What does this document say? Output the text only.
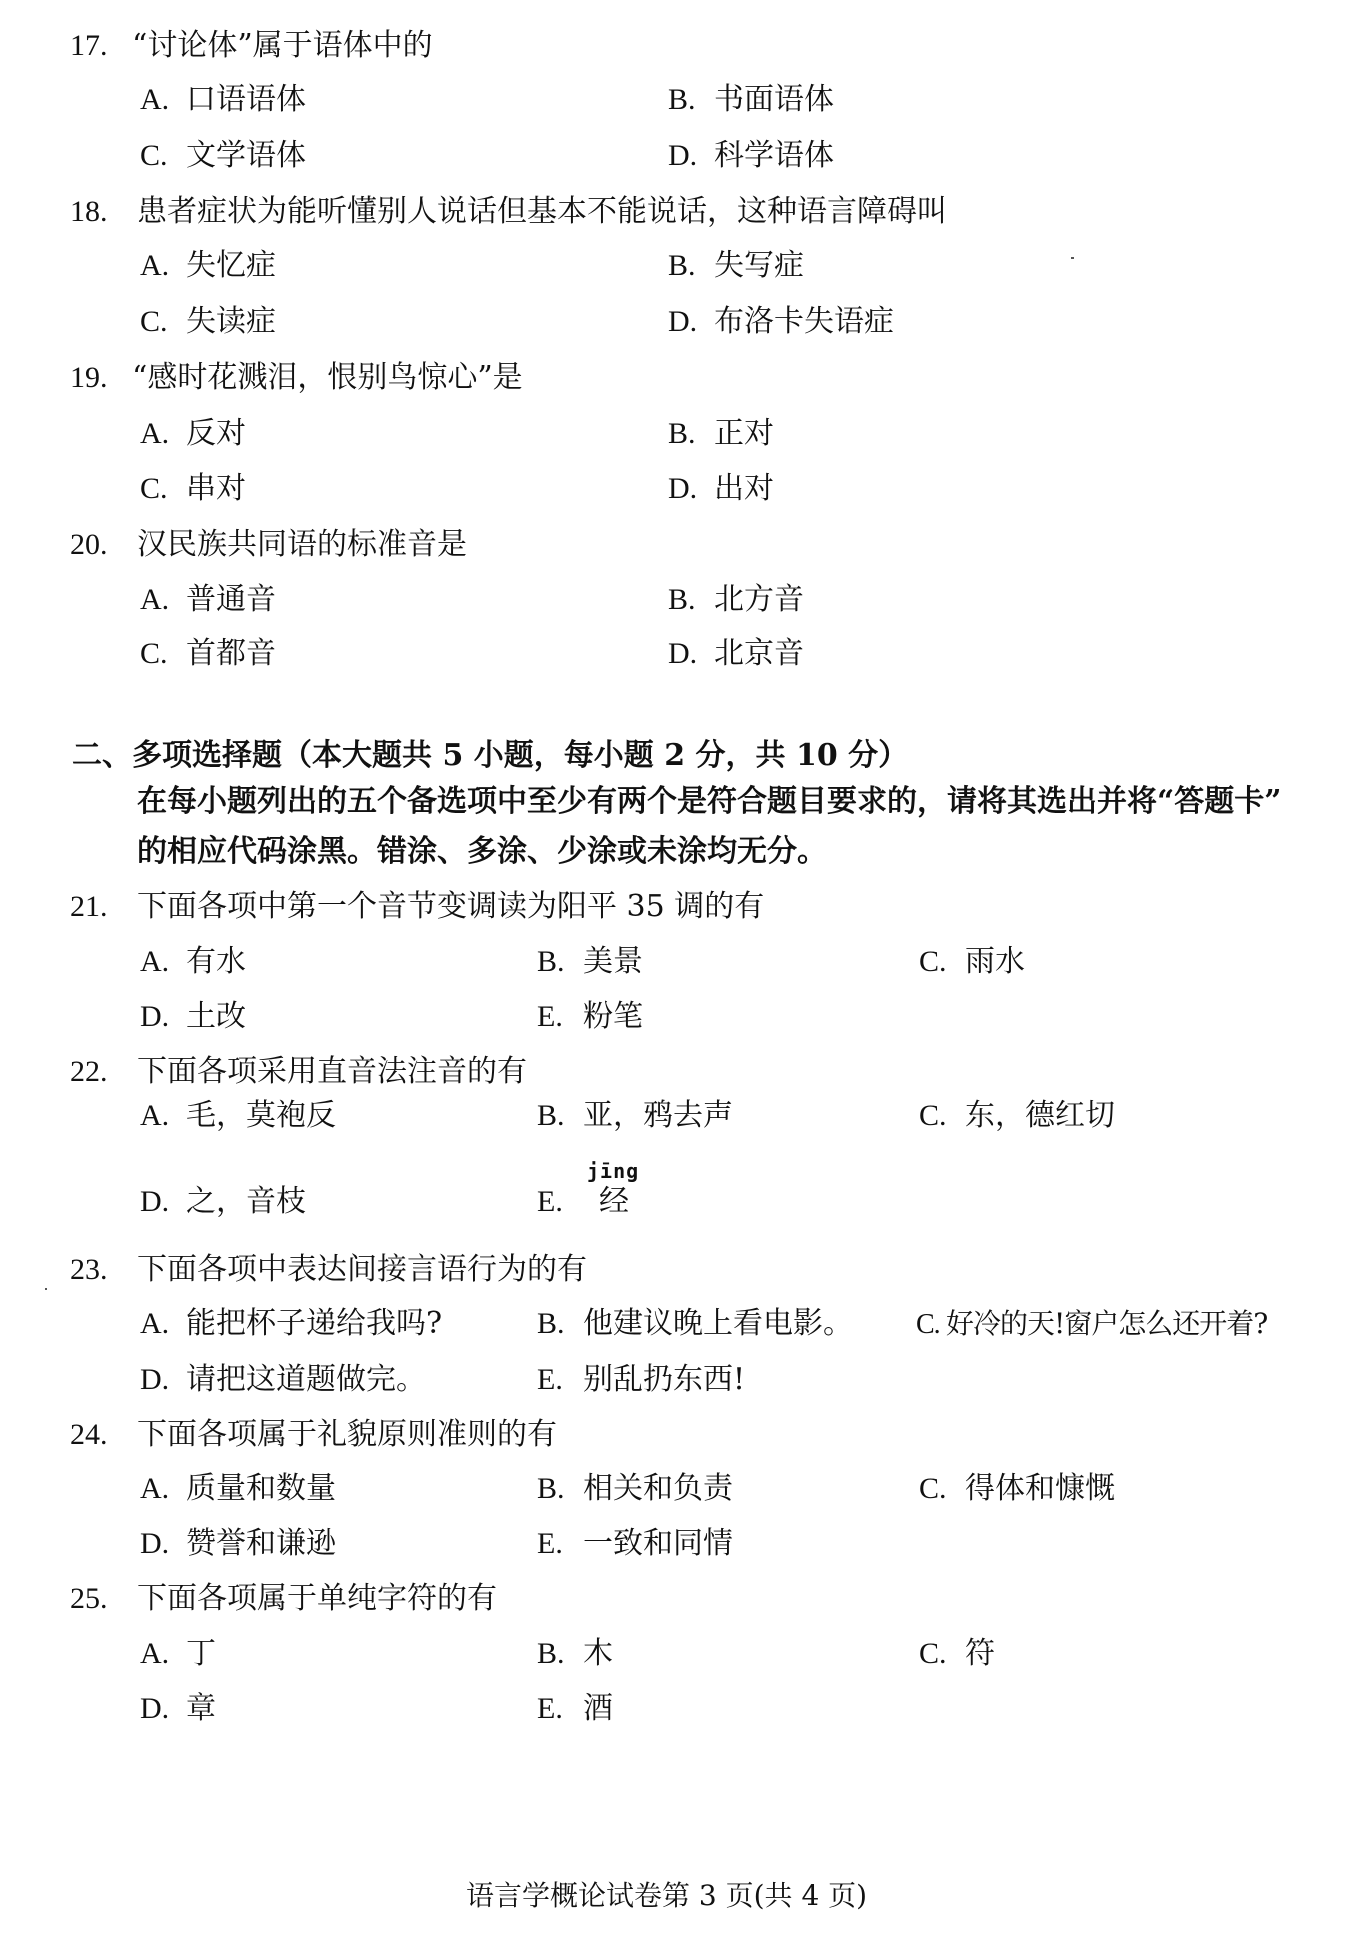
17. “讨论体”属于语体中的
A. 口语语体	B. 书面语体
C. 文学语体	D. 科学语体
18. 患者症状为能听懂别人说话但基本不能说话，这种语言障碍叫
A. 失忆症	B. 失写症
C. 失读症	D. 布洛卡失语症
19. “感时花溅泪，恨别鸟惊心”是
A. 反对	B. 正对
C. 串对	D. 出对
20. 汉民族共同语的标准音是
A. 普通音	B. 北方音
C. 首都音	D. 北京音
二、多项选择题（本大题共 5 小题，每小题 2 分，共 10 分）
在每小题列出的五个备选项中至少有两个是符合题目要求的，请将其选出并将“答题卡”
的相应代码涂黑。错涂、多涂、少涂或未涂均无分。
21. 下面各项中第一个音节变调读为阳平 35 调的有
A. 有水	B. 美景	C. 雨水
D. 土改	E. 粉笔
22. 下面各项采用直音法注音的有
A. 毛，莫袍反	B. 亚，鸦去声	C. 东，德红切
D. 之，音枝
jīng
E. 经
23. 下面各项中表达间接言语行为的有
A. 能把杯子递给我吗?	B. 他建议晚上看电影。 C. 好冷的天!窗户怎么还开着?
D. 请把这道题做完。	E. 别乱扔东西!
24. 下面各项属于礼貌原则准则的有
A. 质量和数量	B. 相关和负责	C. 得体和慷慨
D. 赞誉和谦逊	E. 一致和同情
25. 下面各项属于单纯字符的有
A. 丁	B. 木	C. 符
D. 章	E. 酒
语言学概论试卷第 3 页(共 4 页)
